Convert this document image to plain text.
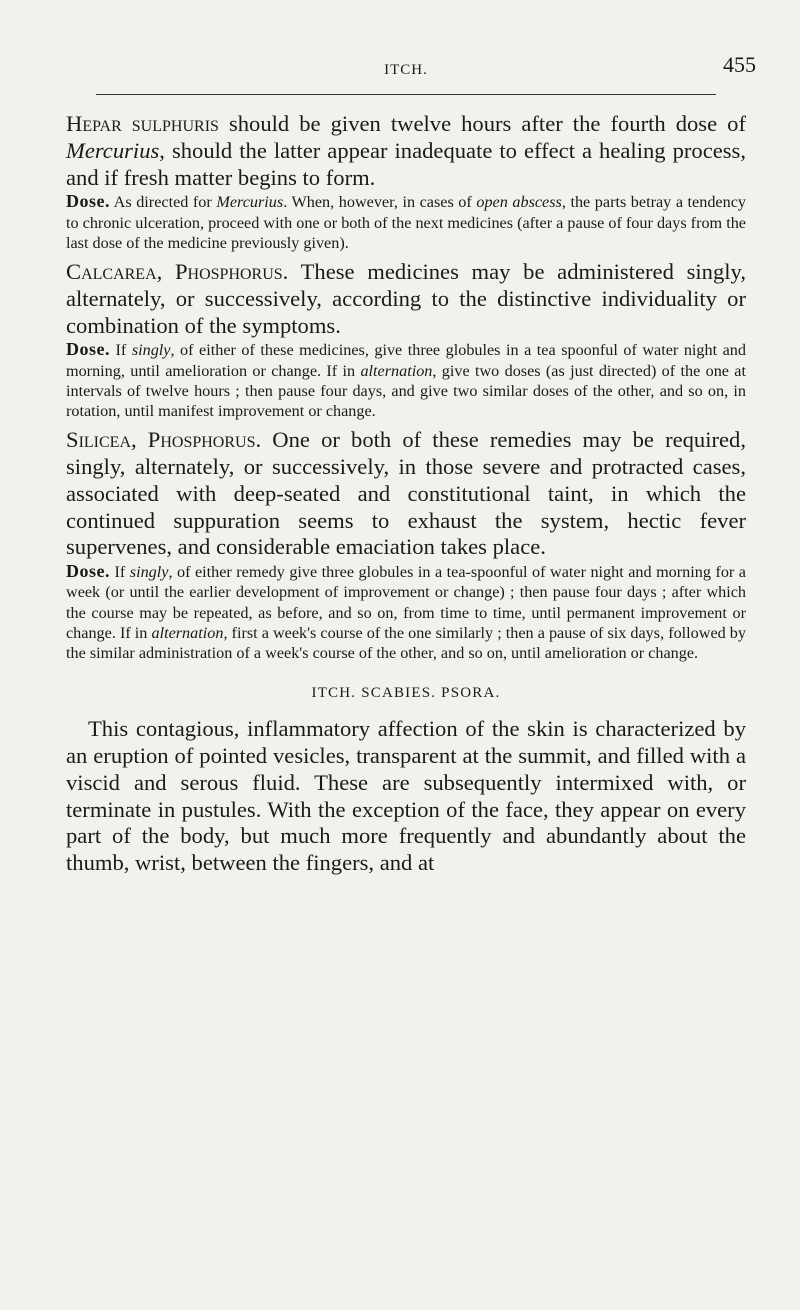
ITCH.	455

Hepar sulphuris should be given twelve hours after the fourth dose of Mercurius, should the latter appear inadequate to effect a healing process, and if fresh matter begins to form.

Dose. As directed for Mercurius. When, however, in cases of open abscess, the parts betray a tendency to chronic ulceration, proceed with one or both of the next medicines (after a pause of four days from the last dose of the medicine previously given).

Calcarea, Phosphorus. These medicines may be administered singly, alternately, or successively, according to the distinctive individuality or combination of the symptoms.

Dose. If singly, of either of these medicines, give three globules in a tea spoonful of water night and morning, until amelioration or change. If in alternation, give two doses (as just directed) of the one at intervals of twelve hours ; then pause four days, and give two similar doses of the other, and so on, in rotation, until manifest improvement or change.

Silicea, Phosphorus. One or both of these remedies may be required, singly, alternately, or successively, in those severe and protracted cases, associated with deep-seated and constitutional taint, in which the continued suppuration seems to exhaust the system, hectic fever supervenes, and considerable emaciation takes place.

Dose. If singly, of either remedy give three globules in a tea-spoonful of water night and morning for a week (or until the earlier development of improvement or change) ; then pause four days ; after which the course may be repeated, as before, and so on, from time to time, until permanent improvement or change. If in alternation, first a week's course of the one similarly ; then a pause of six days, followed by the similar administration of a week's course of the other, and so on, until amelioration or change.

ITCH. SCABIES. PSORA.

This contagious, inflammatory affection of the skin is characterized by an eruption of pointed vesicles, transparent at the summit, and filled with a viscid and serous fluid. These are subsequently intermixed with, or terminate in pustules. With the exception of the face, they appear on every part of the body, but much more frequently and abundantly about the thumb, wrist, between the fingers, and at
